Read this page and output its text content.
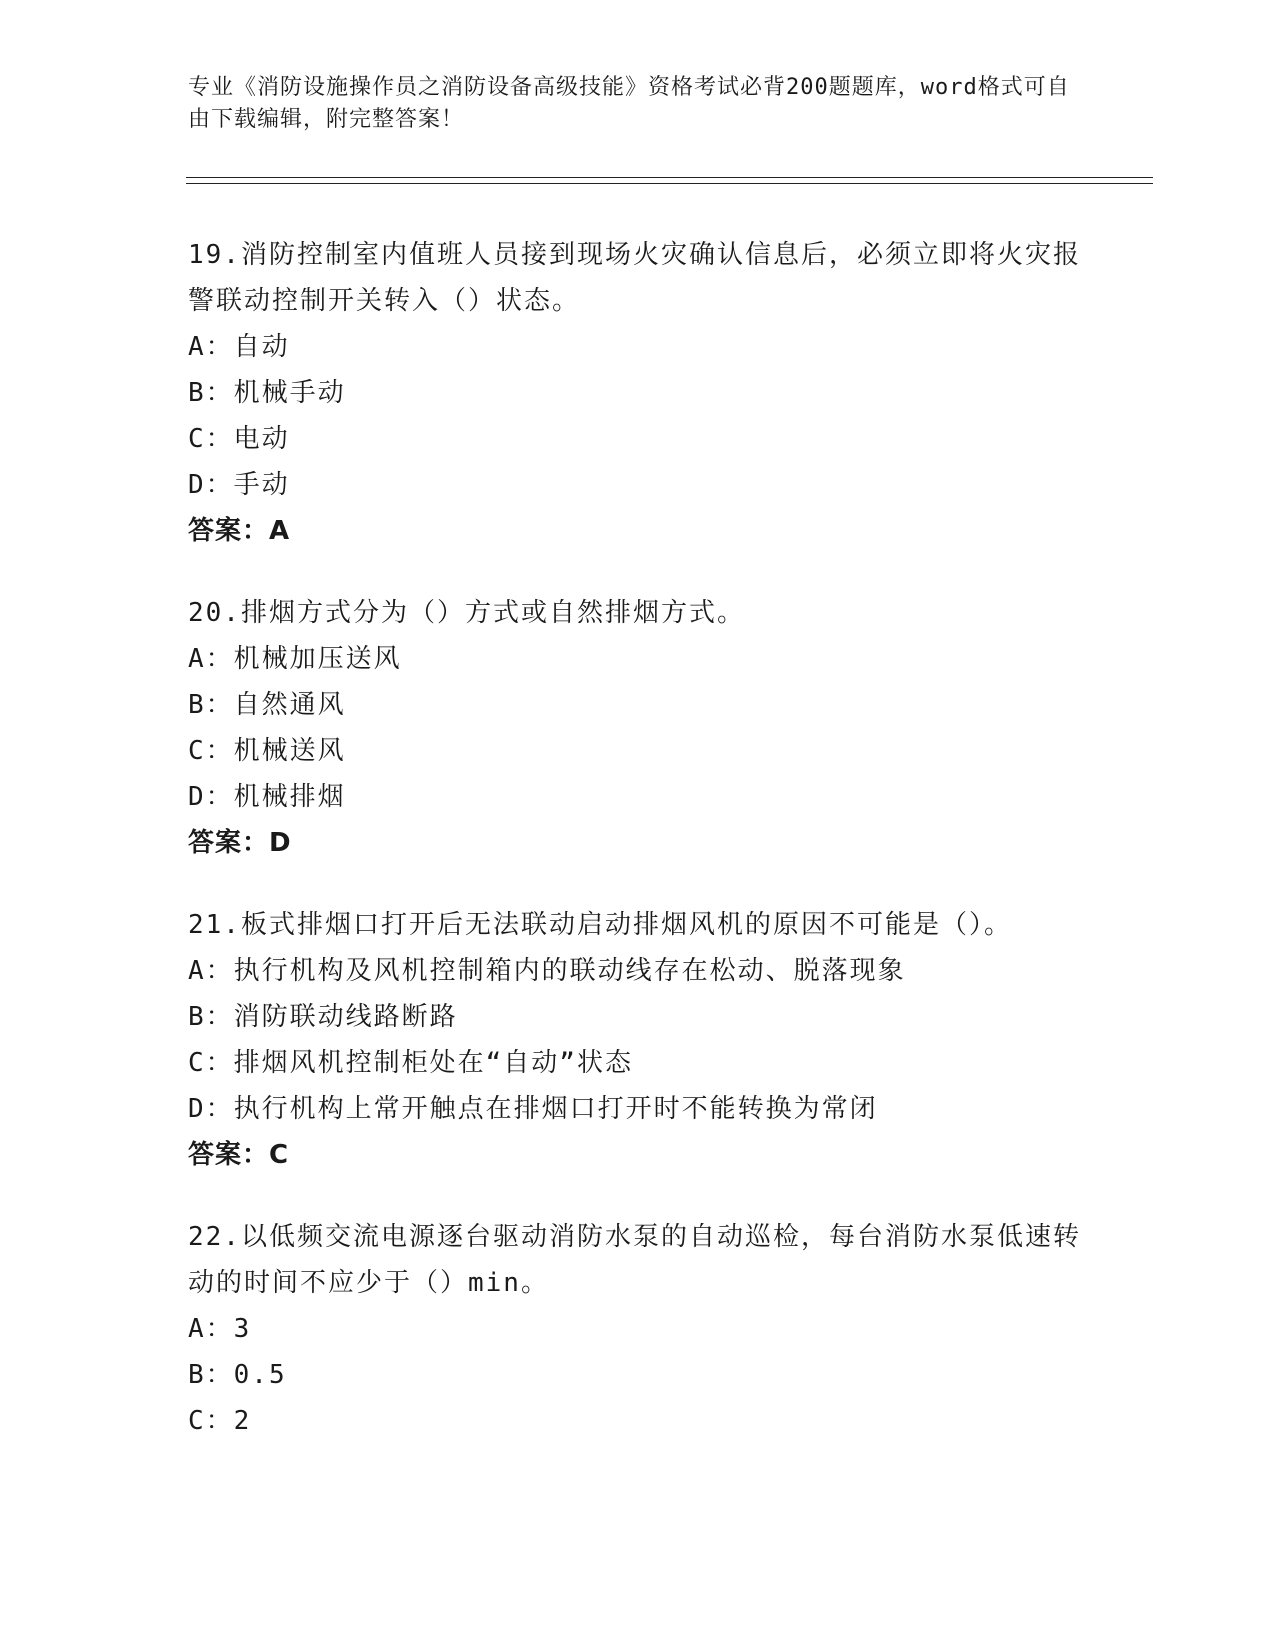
专业《消防设施操作员之消防设备高级技能》资格考试必背200题题库，word格式可自由下载编辑，附完整答案！

19.消防控制室内值班人员接到现场火灾确认信息后，必须立即将火灾报警联动控制开关转入（）状态。

A：自动

B：机械手动

C：电动

D：手动

答案：A

20.排烟方式分为（）方式或自然排烟方式。

A：机械加压送风

B：自然通风

C：机械送风

D：机械排烟

答案：D

21.板式排烟口打开后无法联动启动排烟风机的原因不可能是（）。

A：执行机构及风机控制箱内的联动线存在松动、脱落现象

B：消防联动线路断路

C：排烟风机控制柜处在“自动”状态

D：执行机构上常开触点在排烟口打开时不能转换为常闭

答案：C

22.以低频交流电源逐台驱动消防水泵的自动巡检，每台消防水泵低速转动的时间不应少于（）min。

A：3

B：0.5

C：2
